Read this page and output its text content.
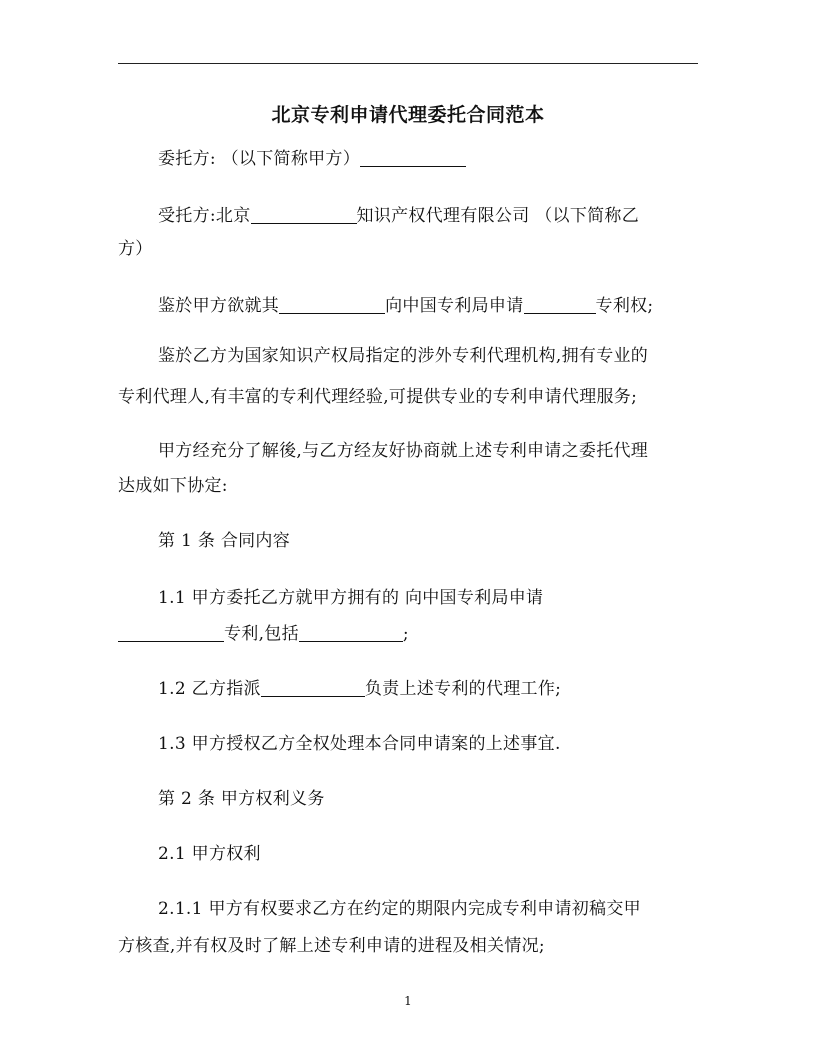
北京专利申请代理委托合同范本
委托方: （以下简称甲方）
受托方:北京	知识产权代理有限公司 （以下简称乙
方）
鉴於甲方欲就其	向中国专利局申请	专利权;
鉴於乙方为国家知识产权局指定的涉外专利代理机构,拥有专业的
专利代理人,有丰富的专利代理经验,可提供专业的专利申请代理服务;
甲方经充分了解後,与乙方经友好协商就上述专利申请之委托代理
达成如下协定:
第 1 条 合同内容
1.1 甲方委托乙方就甲方拥有的 向中国专利局申请
专利,包括	;
1.2 乙方指派	负责上述专利的代理工作;
1.3 甲方授权乙方全权处理本合同申请案的上述事宜.
第 2 条 甲方权利义务
2.1 甲方权利
2.1.1 甲方有权要求乙方在约定的期限内完成专利申请初稿交甲
方核查,并有权及时了解上述专利申请的进程及相关情况;
1
